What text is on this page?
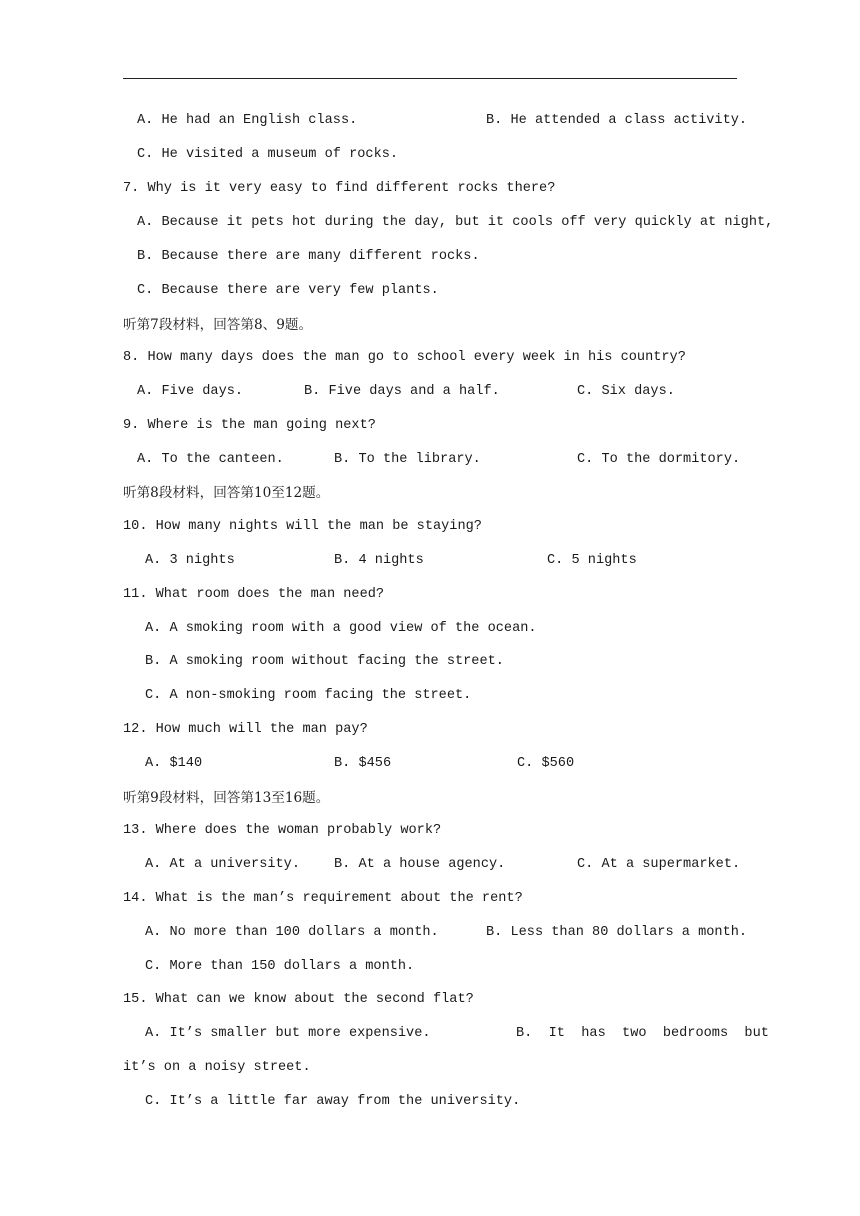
A. He had an English class.	B. He attended a class activity.
C. He visited a museum of rocks.
7. Why is it very easy to find different rocks there?
A. Because it pets hot during the day, but it cools off very quickly at night,
B. Because there are many different rocks.
C. Because there are very few plants.
听第7段材料，回答第8、9题。
8. How many days does the man go to school every week in his country?
A. Five days.	B. Five days and a half.	C. Six days.
9. Where is the man going next?
A. To the canteen.	B. To the library.	C. To the dormitory.
听第8段材料，回答第10至12题。
10. How many nights will the man be staying?
A. 3 nights	B. 4 nights	C. 5 nights
11. What room does the man need?
A. A smoking room with a good view of the ocean.
B. A smoking room without facing the street.
C. A non-smoking room facing the street.
12. How much will the man pay?
A. $140	B. $456	C. $560
听第9段材料，回答第13至16题。
13. Where does the woman probably work?
A. At a university.	B. At a house agency.	C. At a supermarket.
14. What is the man’s requirement about the rent?
A. No more than 100 dollars a month.	B. Less than 80 dollars a month.
C. More than 150 dollars a month.
15. What can we know about the second flat?
A. It’s smaller but more expensive.	B.  It  has  two  bedrooms  but
it’s on a noisy street.
C. It’s a little far away from the university.
